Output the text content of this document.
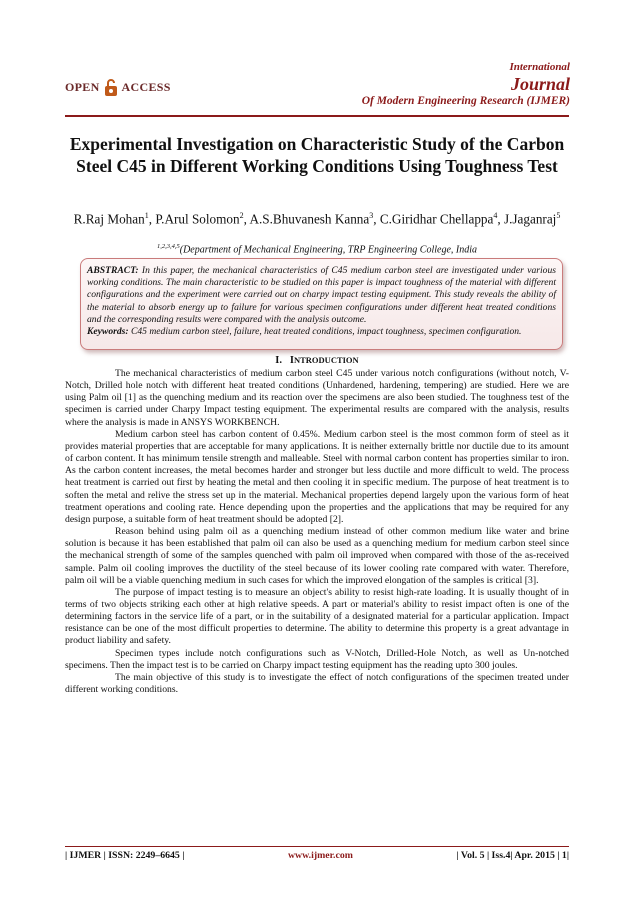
OPEN ACCESS
International
Journal
Of Modern Engineering Research (IJMER)
Experimental Investigation on Characteristic Study of the Carbon Steel C45 in Different Working Conditions Using Toughness Test
R.Raj Mohan$^1$, P.Arul Solomon$^2$, A.S.Bhuvanesh Kanna$^3$, C.Giridhar Chellappa$^4$, J.Jaganraj$^5$
$^{1,2,3,4,5}$(Department of Mechanical Engineering, TRP Engineering College, India
ABSTRACT: In this paper, the mechanical characteristics of C45 medium carbon steel are investigated under various working conditions. The main characteristic to be studied on this paper is impact toughness of the material with different configurations and the experiment were carried out on charpy impact testing equipment. This study reveals the ability of the material to absorb energy up to failure for various specimen configurations under different heat treated conditions and the corresponding results were compared with the analysis outcome.
Keywords: C45 medium carbon steel, failure, heat treated conditions, impact toughness, specimen configuration.
I. INTRODUCTION

The mechanical characteristics of medium carbon steel C45 under various notch configurations (without notch, V-Notch, Drilled hole notch with different heat treated conditions (Unhardened, hardening, tempering) are studied. Here we are using Palm oil [1] as the quenching medium and its reaction over the specimens are also been studied. The toughness test of the specimen is carried under Charpy Impact testing equipment. The experimental results are compared with the analysis, results where the analysis is made in ANSYS WORKBENCH.

Medium carbon steel has carbon content of 0.45%. Medium carbon steel is the most common form of steel as it provides material properties that are acceptable for many applications. It is neither externally brittle nor ductile due to its amount of carbon content. It has minimum tensile strength and malleable. Steel with normal carbon content has properties similar to iron. As the carbon content increases, the metal becomes harder and stronger but less ductile and more difficult to weld. The process heat treatment is carried out first by heating the metal and then cooling it in specific medium. The purpose of heat treatment is to soften the metal and relive the stress set up in the material. Mechanical properties depend largely upon the various form of heat treatment operations and cooling rate. Hence depending upon the properties and the applications that may be required for any design purpose, a suitable form of heat treatment should be adopted [2].

Reason behind using palm oil as a quenching medium instead of other common medium like water and brine solution is because it has been established that palm oil can also be used as a quenching medium for medium carbon steel since the mechanical strength of some of the samples quenched with palm oil improved when compared with those of the as-received sample. Palm oil cooling improves the ductility of the steel because of its lower cooling rate compared with water. Therefore, palm oil will be a viable quenching medium in such cases for which the improved elongation of the samples is critical [3].

The purpose of impact testing is to measure an object's ability to resist high-rate loading. It is usually thought of in terms of two objects striking each other at high relative speeds. A part or material's ability to resist impact often is one of the determining factors in the service life of a part, or in the suitability of a designated material for a particular application. Impact resistance can be one of the most difficult properties to determine. The ability to determine this property is a great advantage in product liability and safety.

Specimen types include notch configurations such as V-Notch, Drilled-Hole Notch, as well as Un-notched specimens. Then the impact test is to be carried on Charpy impact testing equipment has the reading upto 300 joules.

The main objective of this study is to investigate the effect of notch configurations of the specimen treated under different working conditions.

| IJMER | ISSN: 2249–6645 |	www.ijmer.com	| Vol. 5 | Iss.4| Apr. 2015 | 1|
